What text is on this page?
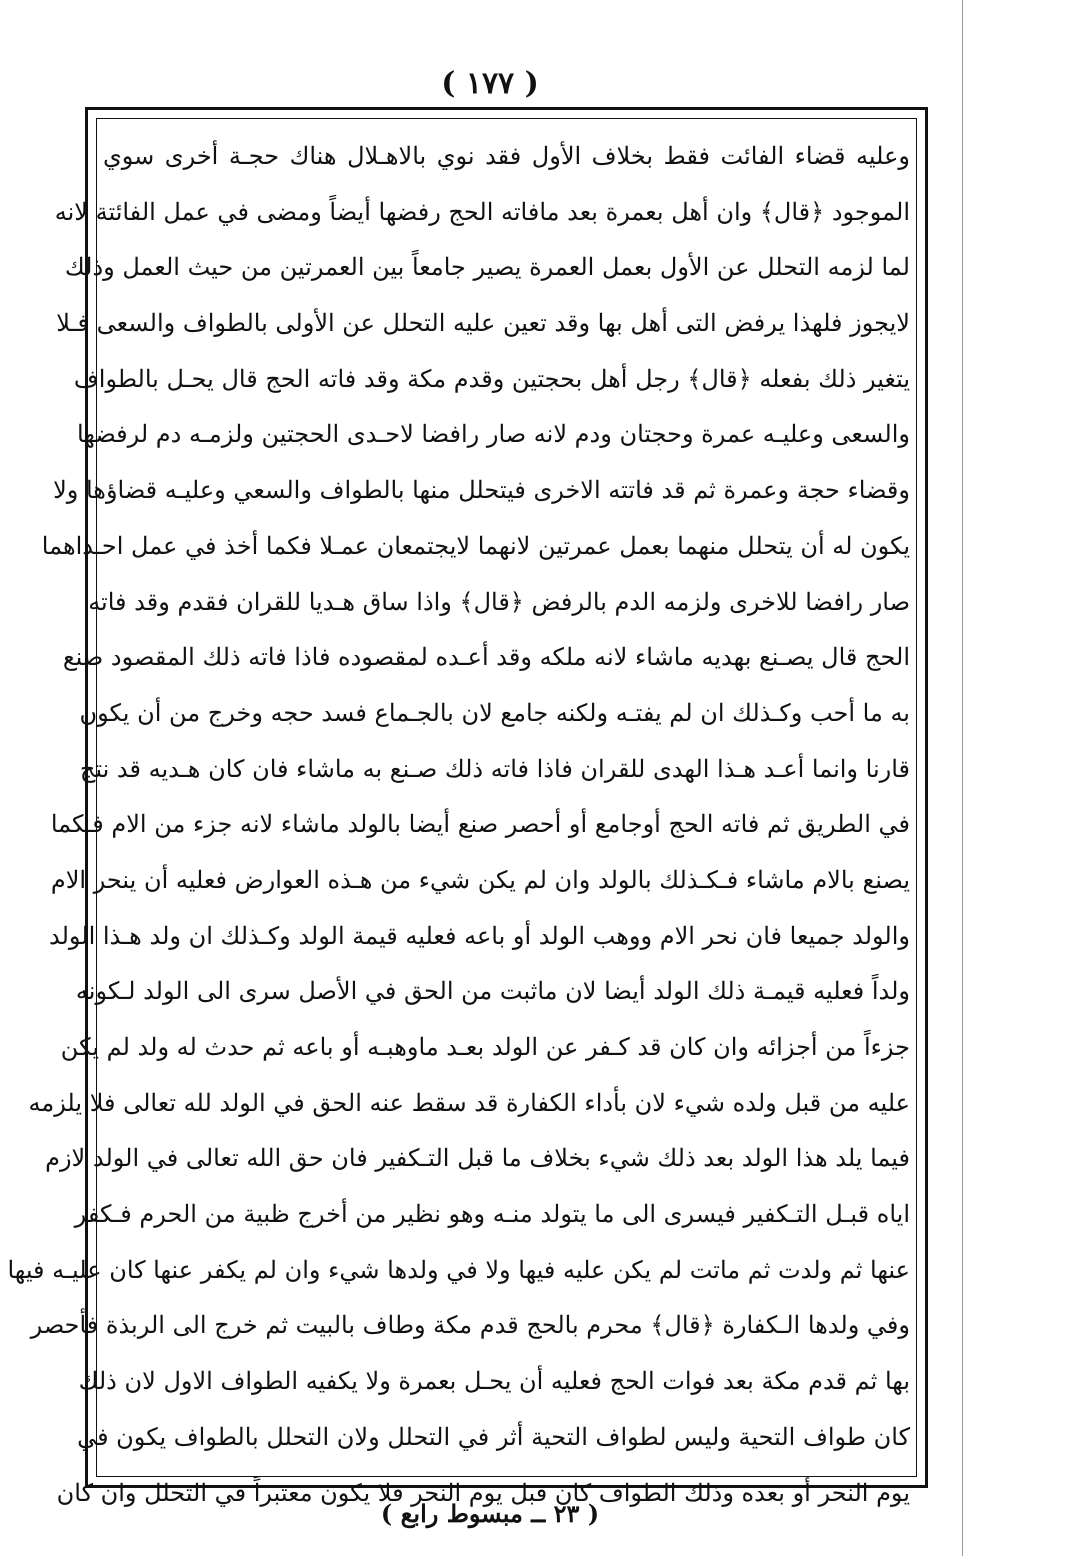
( ١٧٧ )
وعليه قضاء الفائت فقط بخلاف الأول فقد نوي بالاهـلال هناك حجـة أخرى سوي
الموجود ﴿قال﴾ وان أهل بعمرة بعد مافاته الحج رفضها أيضاً ومضى في عمل الفائتة لانه
لما لزمه التحلل عن الأول بعمل العمرة يصير جامعاً بين العمرتين من حيث العمل وذلك
لايجوز فلهذا يرفض التى أهل بها وقد تعين عليه التحلل عن الأولى بالطواف والسعى فـلا
يتغير ذلك بفعله ﴿قال﴾ رجل أهل بحجتين وقدم مكة وقد فاته الحج قال يحـل بالطواف
والسعى وعليـه عمرة وحجتان ودم لانه صار رافضا لاحـدى الحجتين ولزمـه دم لرفضها
وقضاء حجة وعمرة ثم قد فاتته الاخرى فيتحلل منها بالطواف والسعي وعليـه قضاؤها ولا
يكون له أن يتحلل منهما بعمل عمرتين لانهما لايجتمعان عمـلا فكما أخذ في عمل احـداهما
صار رافضا للاخرى ولزمه الدم بالرفض ﴿قال﴾ واذا ساق هـديا للقران فقدم وقد فاته
الحج قال يصـنع بهديه ماشاء لانه ملكه وقد أعـده لمقصوده فاذا فاته ذلك المقصود صنع
به ما أحب وكـذلك ان لم يفتـه ولكنه جامع لان بالجـماع فسد حجه وخرج من أن يكون
قارنا وانما أعـد هـذا الهدى للقران فاذا فاته ذلك صـنع به ماشاء فان كان هـديه قد نتج
في الطريق ثم فاته الحج أوجامع أو أحصر صنع أيضا بالولد ماشاء لانه جزء من الام فـكما
يصنع بالام ماشاء فـكـذلك بالولد وان لم يكن شيء من هـذه العوارض فعليه أن ينحر الام
والولد جميعا فان نحر الام ووهب الولد أو باعه فعليه قيمة الولد وكـذلك ان ولد هـذا الولد
ولداً فعليه قيمـة ذلك الولد أيضا لان ماثبت من الحق في الأصل سرى الى الولد لـكونه
جزءاً من أجزائه وان كان قد كـفر عن الولد بعـد ماوهبـه أو باعه ثم حدث له ولد لم يكن
عليه من قبل ولده شيء لان بأداء الكفارة قد سقط عنه الحق في الولد لله تعالى فلا يلزمه
فيما يلد هذا الولد بعد ذلك شيء بخلاف ما قبل التـكفير فان حق الله تعالى في الولد لازم
اياه قبـل التـكفير فيسرى الى ما يتولد منـه وهو نظير من أخرج ظبية من الحرم فـكفر
عنها ثم ولدت ثم ماتت لم يكن عليه فيها ولا في ولدها شيء وان لم يكفر عنها كان عليـه فيها
وفي ولدها الـكفارة ﴿قال﴾ محرم بالحج قدم مكة وطاف بالبيت ثم خرج الى الربذة فأحصر
بها ثم قدم مكة بعد فوات الحج فعليه أن يحـل بعمرة ولا يكفيه الطواف الاول لان ذلك
كان طواف التحية وليس لطواف التحية أثر في التحلل ولان التحلل بالطواف يكون في
يوم النحر أو بعده وذلك الطواف كان قبل يوم النحر فلا يكون معتبراً في التحلل وان كان
( ٢٣ ــ مبسوط رابع )
